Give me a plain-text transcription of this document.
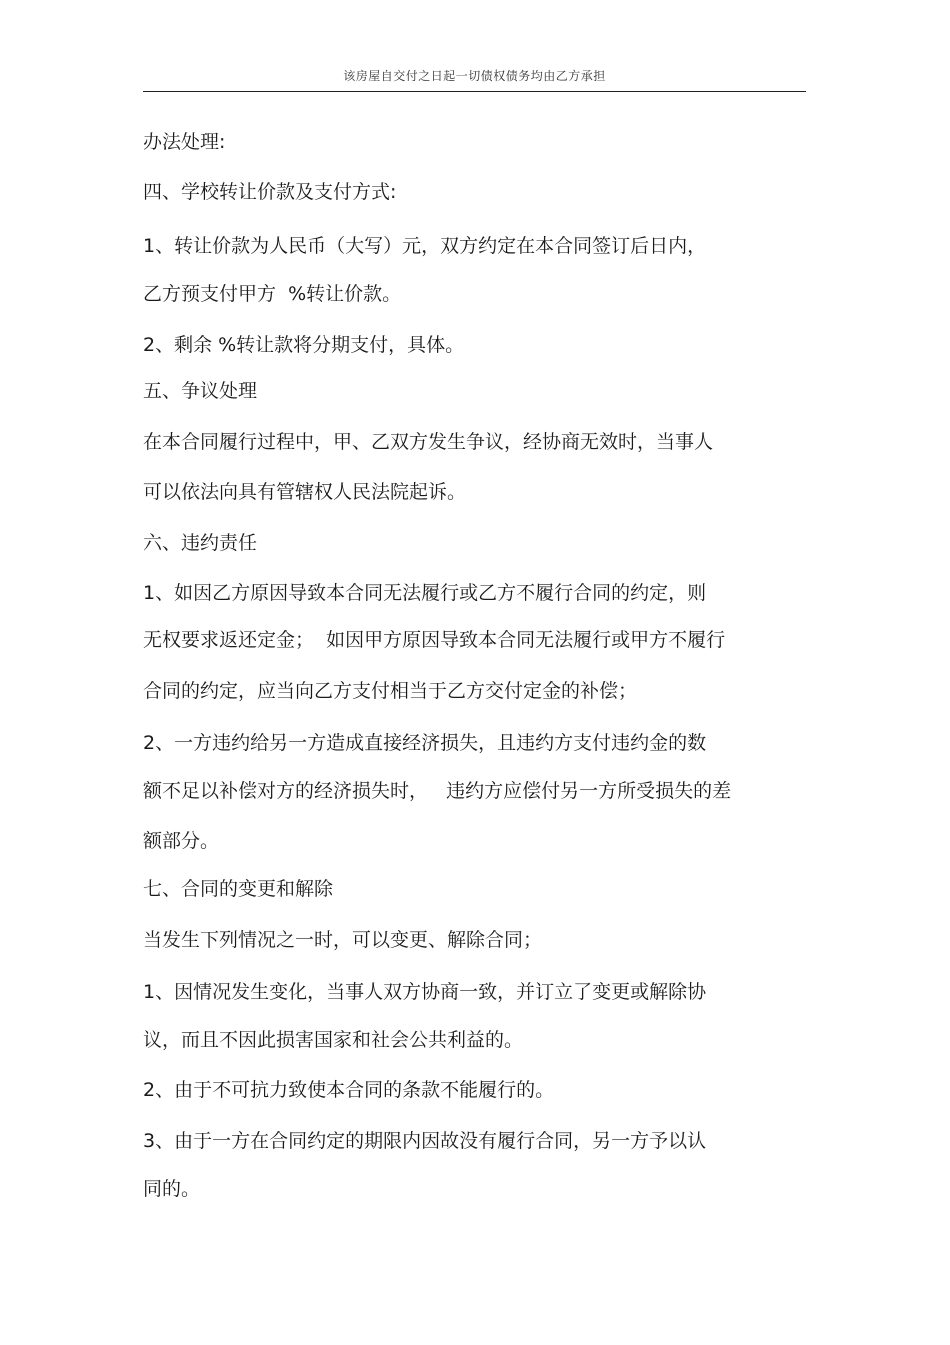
该房屋自交付之日起一切债权债务均由乙方承担
办法处理:
四、学校转让价款及支付方式:
1、转让价款为人民币（大写）元，双方约定在本合同签订后日内，
乙方预支付甲方  %转让价款。
2、剩余 %转让款将分期支付，具体。
五、争议处理
在本合同履行过程中，甲、乙双方发生争议，经协商无效时，当事人
可以依法向具有管辖权人民法院起诉。
六、违约责任
1、如因乙方原因导致本合同无法履行或乙方不履行合同的约定，则
无权要求返还定金；  如因甲方原因导致本合同无法履行或甲方不履行
合同的约定，应当向乙方支付相当于乙方交付定金的补偿；
2、一方违约给另一方造成直接经济损失，且违约方支付违约金的数
额不足以补偿对方的经济损失时，   违约方应偿付另一方所受损失的差
额部分。
七、合同的变更和解除
当发生下列情况之一时，可以变更、解除合同；
1、因情况发生变化，当事人双方协商一致，并订立了变更或解除协
议，而且不因此损害国家和社会公共利益的。
2、由于不可抗力致使本合同的条款不能履行的。
3、由于一方在合同约定的期限内因故没有履行合同，另一方予以认
同的。
